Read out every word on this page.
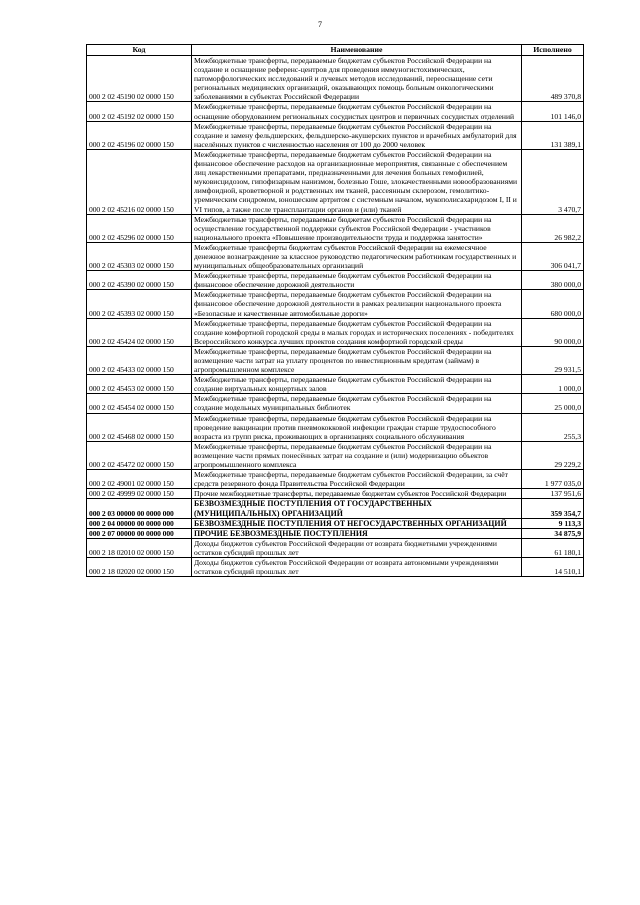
7
Код	Наименование	Исполнено
000 2 02 45190 02 0000 150	Межбюджетные трансферты, передаваемые бюджетам субъектов Российской Федерации на создание и оснащение референс-центров для проведения иммуногистохимических, патоморфологических исследований и лучевых методов исследований, переоснащение сети региональных медицинских организаций, оказывающих помощь больным онкологическими заболеваниями в субъектах Российской Федерации	489 370,8
000 2 02 45192 02 0000 150	Межбюджетные трансферты, передаваемые бюджетам субъектов Российской Федерации на оснащение оборудованием региональных сосудистых центров и первичных сосудистых отделений	101 146,0
000 2 02 45196 02 0000 150	Межбюджетные трансферты, передаваемые бюджетам субъектов Российской Федерации на создание и замену фельдшерских, фельдшерско-акушерских пунктов и врачебных амбулаторий для населённых пунктов с численностью населения от 100 до 2000 человек	131 389,1
000 2 02 45216 02 0000 150	Межбюджетные трансферты, передаваемые бюджетам субъектов Российской Федерации на финансовое обеспечение расходов на организационные мероприятия, связанные с обеспечением лиц лекарственными препаратами, предназначенными для лечения больных гемофилией, муковисцидозом, гипофизарным нанизмом, болезнью Гоше, злокачественными новообразованиями лимфоидной, кроветворной и родственных им тканей, рассеянным склерозом, гемолитико-уремическим синдромом, юношеским артритом с системным началом, мукополисахаридозом I, II и VI типов, а также после трансплантации органов и (или) тканей	3 470,7
000 2 02 45296 02 0000 150	Межбюджетные трансферты, передаваемые бюджетам субъектов Российской Федерации на осуществление государственной поддержки субъектов Российской Федерации - участников национального проекта «Повышение производительности труда и поддержка занятости»	26 982,2
000 2 02 45303 02 0000 150	Межбюджетные трансферты бюджетам субъектов Российской Федерации на ежемесячное денежное вознаграждение за классное руководство педагогическим работникам государственных и муниципальных общеобразовательных организаций	306 041,7
000 2 02 45390 02 0000 150	Межбюджетные трансферты, передаваемые бюджетам субъектов Российской Федерации на финансовое обеспечение дорожной деятельности	380 000,0
000 2 02 45393 02 0000 150	Межбюджетные трансферты, передаваемые бюджетам субъектов Российской Федерации на финансовое обеспечение дорожной деятельности в рамках реализации национального проекта «Безопасные и качественные автомобильные дороги»	680 000,0
000 2 02 45424 02 0000 150	Межбюджетные трансферты, передаваемые бюджетам субъектов Российской Федерации на создание комфортной городской среды в малых городах и исторических поселениях - победителях Всероссийского конкурса лучших проектов создания комфортной городской среды	90 000,0
000 2 02 45433 02 0000 150	Межбюджетные трансферты, передаваемые бюджетам субъектов Российской Федерации на возмещение части затрат на уплату процентов по инвестиционным кредитам (займам) в агропромышленном комплексе	29 931,5
000 2 02 45453 02 0000 150	Межбюджетные трансферты, передаваемые бюджетам субъектов Российской Федерации на создание виртуальных концертных залов	1 000,0
000 2 02 45454 02 0000 150	Межбюджетные трансферты, передаваемые бюджетам субъектов Российской Федерации на создание модельных муниципальных библиотек	25 000,0
000 2 02 45468 02 0000 150	Межбюджетные трансферты, передаваемые бюджетам субъектов Российской Федерации на проведение вакцинации против пневмококковой инфекции граждан старше трудоспособного возраста из групп риска, проживающих в организациях социального обслуживания	255,3
000 2 02 45472 02 0000 150	Межбюджетные трансферты, передаваемые бюджетам субъектов Российской Федерации на возмещение части прямых понесённых затрат на создание и (или) модернизацию объектов агропромышленного комплекса	29 229,2
000 2 02 49001 02 0000 150	Межбюджетные трансферты, передаваемые бюджетам субъектов Российской Федерации, за счёт средств резервного фонда Правительства Российской Федерации	1 977 035,0
000 2 02 49999 02 0000 150	Прочие межбюджетные трансферты, передаваемые бюджетам субъектов Российской Федерации	137 951,6
000 2 03 00000 00 0000 000	БЕЗВОЗМЕЗДНЫЕ ПОСТУПЛЕНИЯ ОТ ГОСУДАРСТВЕННЫХ (МУНИЦИПАЛЬНЫХ) ОРГАНИЗАЦИЙ	359 354,7
000 2 04 00000 00 0000 000	БЕЗВОЗМЕЗДНЫЕ ПОСТУПЛЕНИЯ ОТ НЕГОСУДАРСТВЕННЫХ ОРГАНИЗАЦИЙ	9 113,3
000 2 07 00000 00 0000 000	ПРОЧИЕ БЕЗВОЗМЕЗДНЫЕ ПОСТУПЛЕНИЯ	34 875,9
000 2 18 02010 02 0000 150	Доходы бюджетов субъектов Российской Федерации от возврата бюджетными учреждениями остатков субсидий прошлых лет	61 180,1
000 2 18 02020 02 0000 150	Доходы бюджетов субъектов Российской Федерации от возврата автономными учреждениями остатков субсидий прошлых лет	14 510,1
